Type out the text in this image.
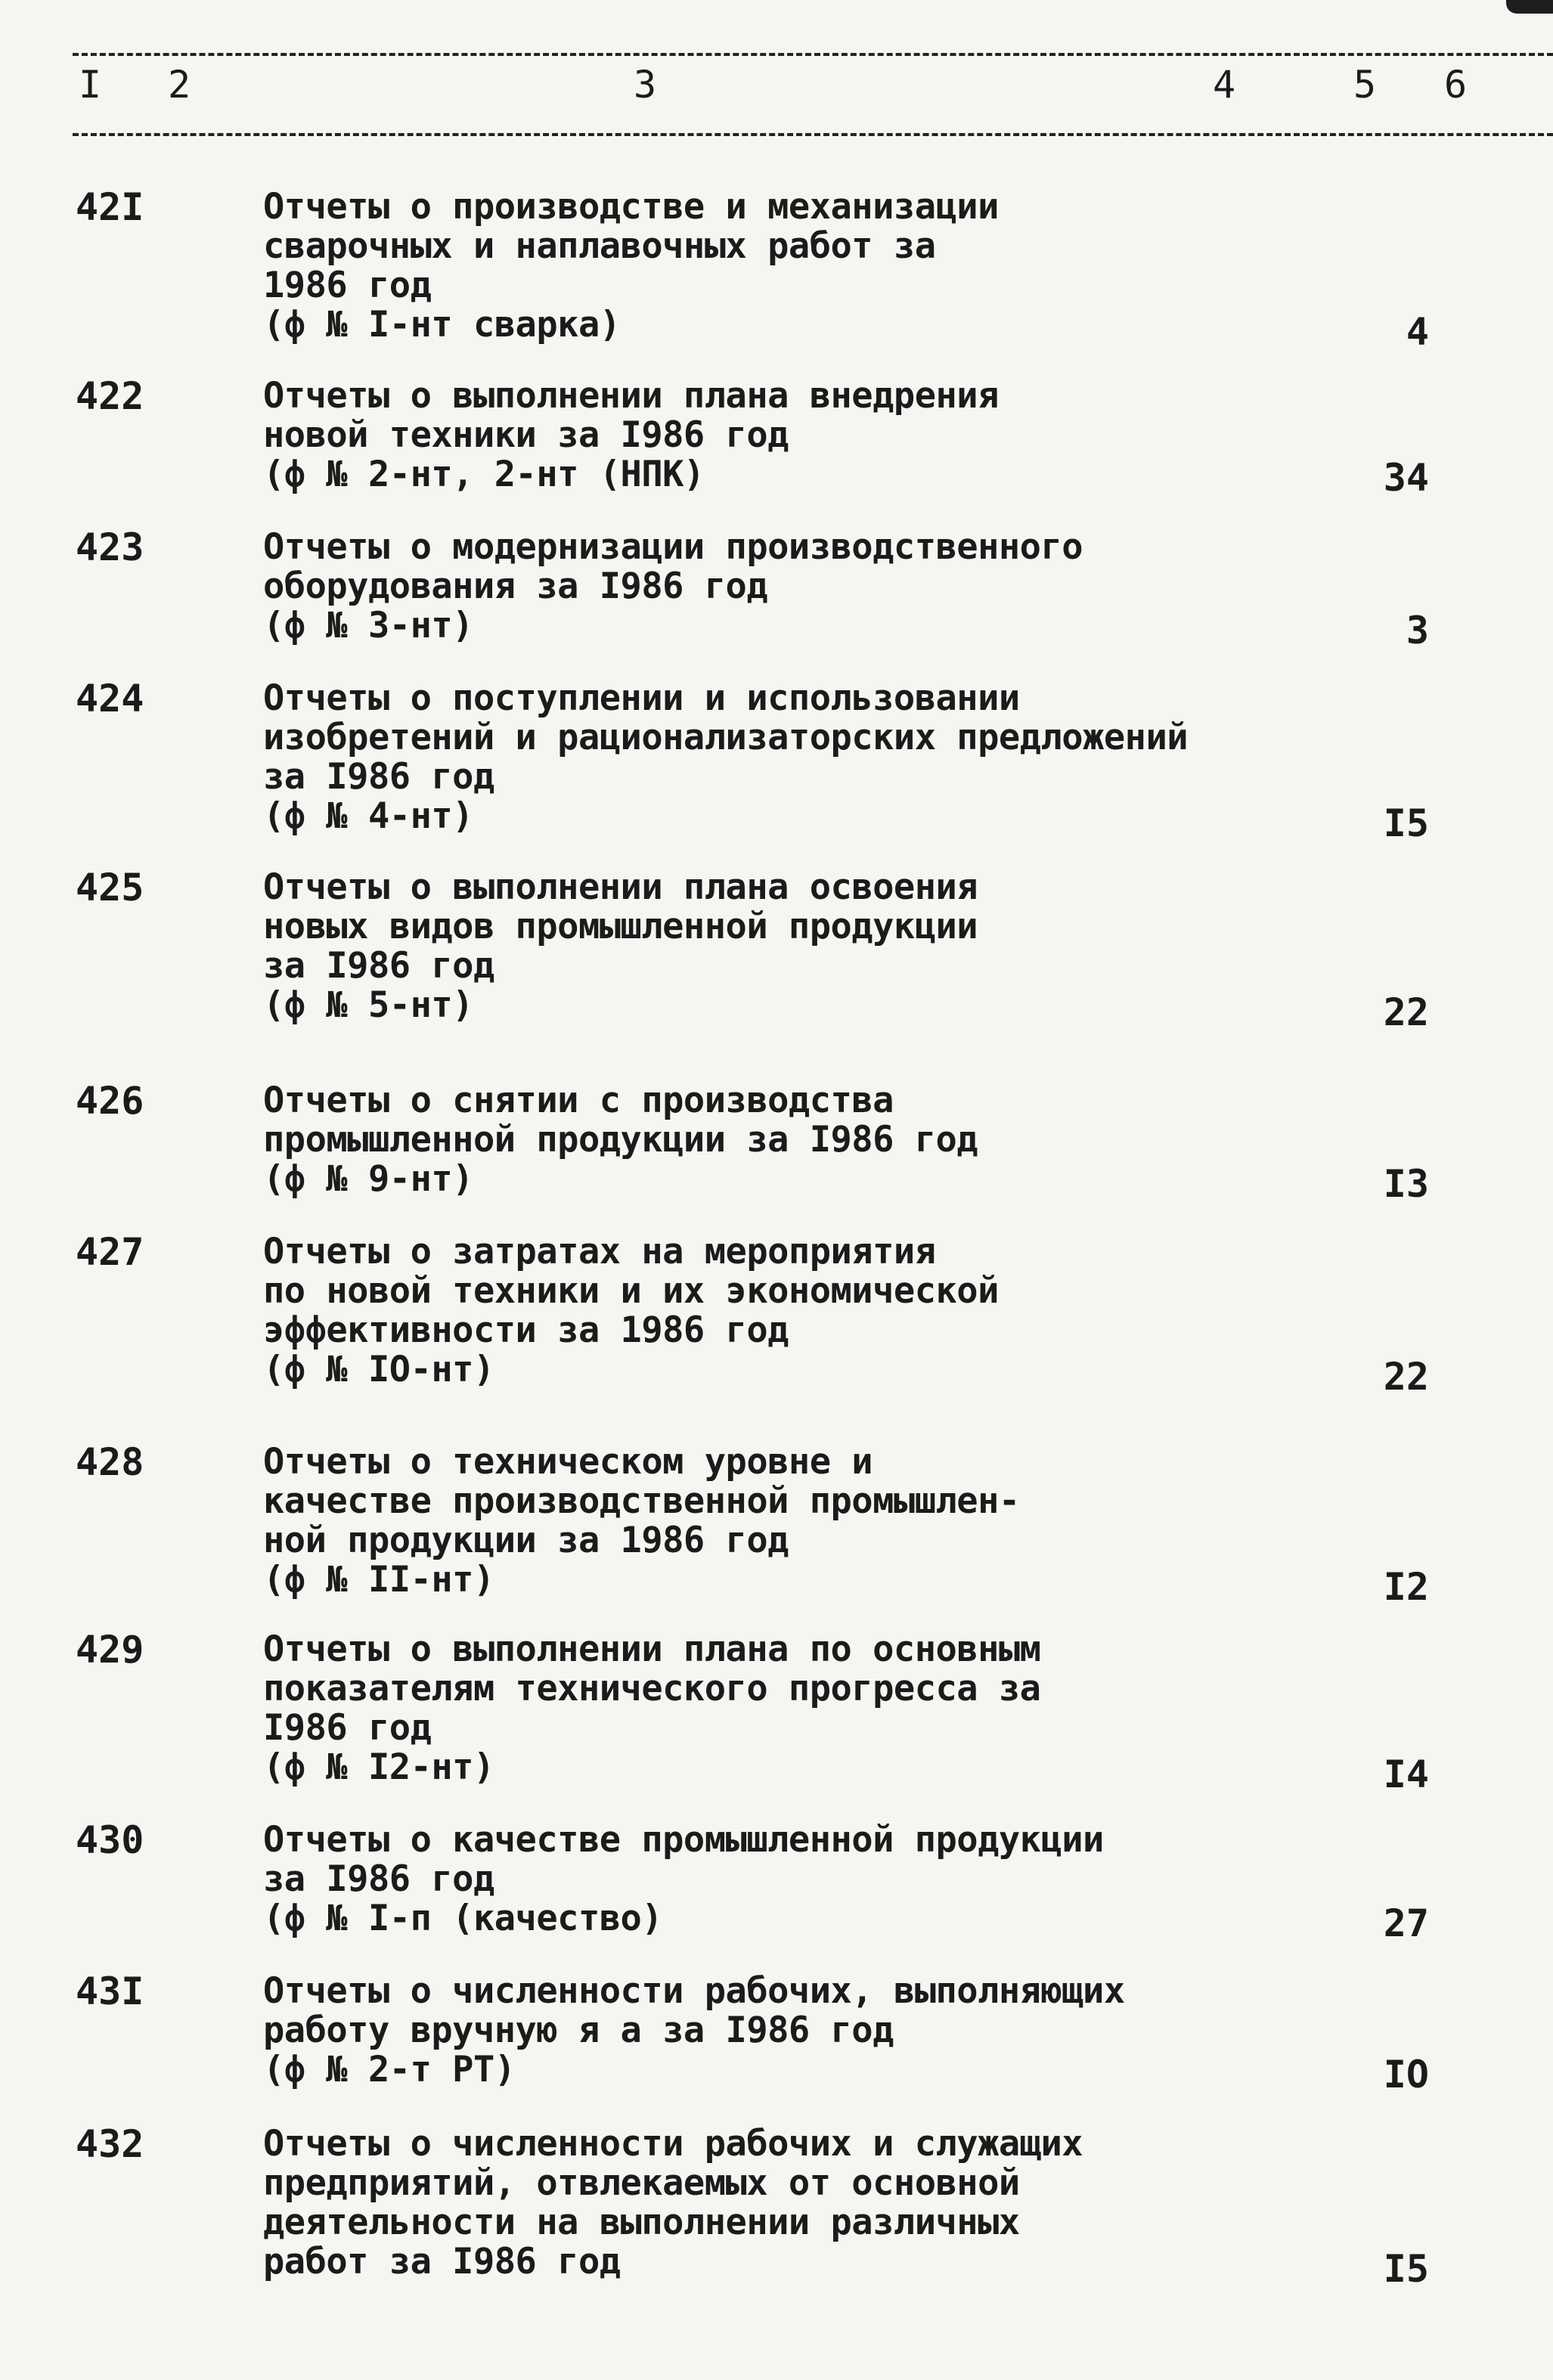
I 2	3	4	5 6
42I	Отчеты о производстве и механизации
сварочных и наплавочных работ за
1986 год
(ф № I-нт сварка)	4
422	Отчеты о выполнении плана внедрения
новой техники за I986 год
(ф № 2-нт, 2-нт (НПК)	34
423	Отчеты о модернизации производственного
оборудования за I986 год
(ф № 3-нт)	3
424	Отчеты о поступлении и использовании
изобретений и рационализаторских предложений
за I986 год
(ф № 4-нт)	I5
425	Отчеты о выполнении плана освоения
новых видов промышленной продукции
за I986 год
(ф № 5-нт)	22
426	Отчеты о снятии с производства
промышленной продукции за I986 год
(ф № 9-нт)	I3
427	Отчеты о затратах на мероприятия
по новой техники и их экономической
эффективности за 1986 год
(ф № IO-нт)	22
428	Отчеты о техническом уровне и
качестве производственной промышлен-
ной продукции за 1986 год
(ф № II-нт)	I2
429	Отчеты о выполнении плана по основным
показателям технического прогресса за
I986 год
(ф № I2-нт)	I4
430	Отчеты о качестве промышленной продукции
за I986 год
(ф № I-п (качество)	27
43I	Отчеты о численности рабочих, выполняющих
работу вручную я а за I986 год
(ф № 2-т РТ)	IO
432	Отчеты о численности рабочих и служащих
предприятий, отвлекаемых от основной
деятельности на выполнении различных
работ за I986 год	I5
